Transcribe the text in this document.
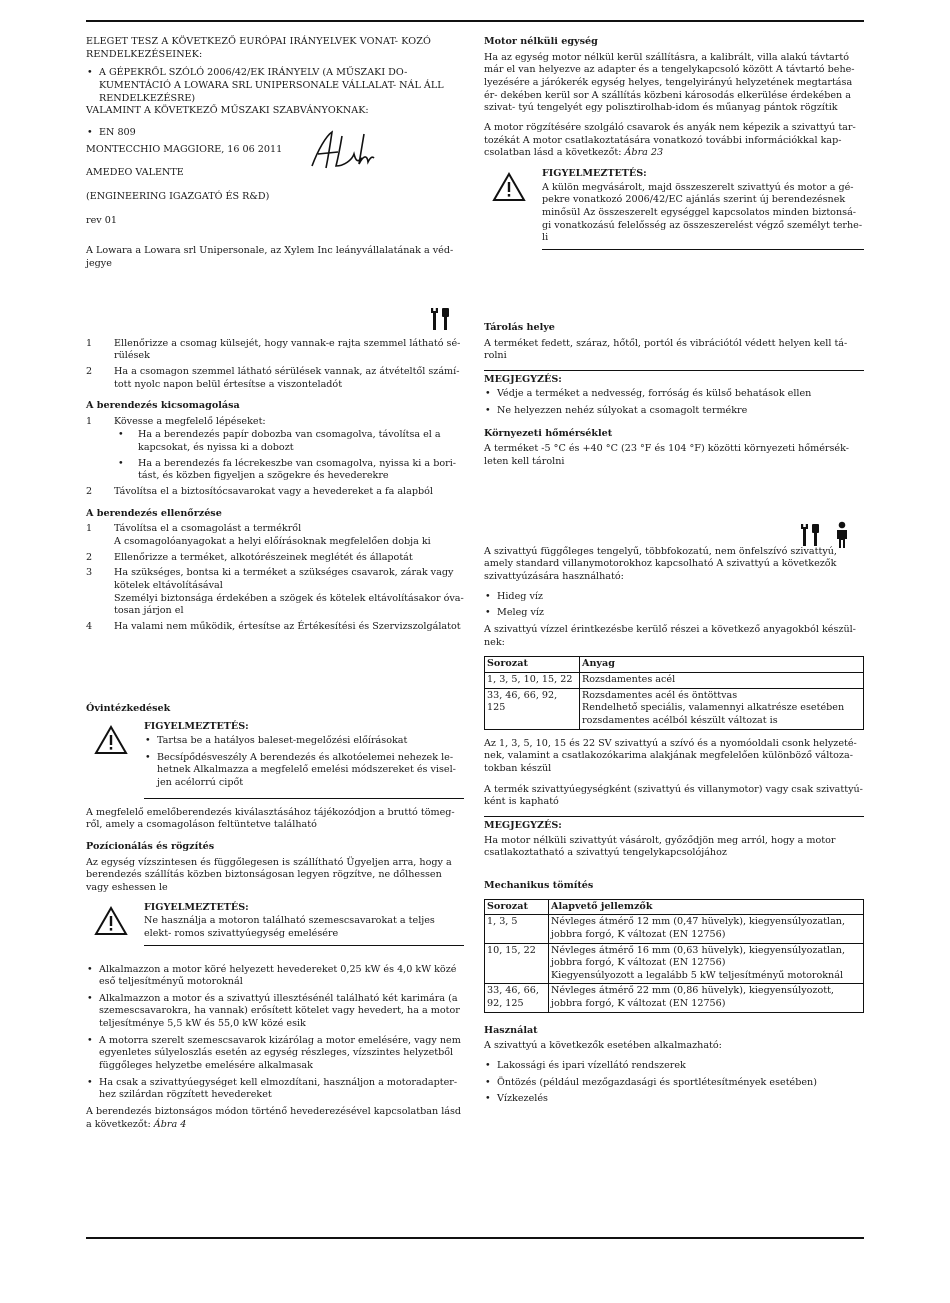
ELEGET TESZ A KÖVETKEZŐ EURÓPAI IRÁNYELVEK VONAT- KOZÓ RENDELKEZÉSEINEK:

• A GÉPEKRŐL SZÓLÓ 2006/42/EK IRÁNYELV (A MŰSZAKI DO- KUMENTÁCIÓ A LOWARA SRL UNIPERSONALE VÁLLALAT- NÁL ÁLL RENDELKEZÉSRE)

VALAMINT A KÖVETKEZŐ MŰSZAKI SZABVÁNYOKNAK:

• EN 809

MONTECCHIO MAGGIORE, 16 06 2011

AMEDEO VALENTE

(ENGINEERING IGAZGATÓ ÉS R&D)

rev 01

A Lowara a Lowara srl Unipersonale, az Xylem Inc leányvállalatának a véd- jegye

1 Ellenőrizze a csomag külsejét, hogy vannak-e rajta szemmel látható sé- rülések
2 Ha a csomagon szemmel látható sérülések vannak, az átvételtől számí- tott nyolc napon belül értesítse a viszonteladót

A berendezés kicsomagolása

1 Kövesse a megfelelő lépéseket:
• Ha a berendezés papír dobozba van csomagolva, távolítsa el a kapcsokat, és nyissa ki a dobozt
• Ha a berendezés fa lécrekeszbe van csomagolva, nyissa ki a bori- tást, és közben figyeljen a szögekre és hevederekre
2 Távolítsa el a biztosítócsavarokat vagy a hevedereket a fa alapból

A berendezés ellenőrzése

1 Távolítsa el a csomagolást a termékről
A csomagolóanyagokat a helyi előírásoknak megfelelően dobja ki
2 Ellenőrizze a terméket, alkotórészeinek meglétét és állapotát
3 Ha szükséges, bontsa ki a terméket a szükséges csavarok, zárak vagy kötelek eltávolításával
Személyi biztonsága érdekében a szögek és kötelek eltávolításakor óva- tosan járjon el
4 Ha valami nem működik, értesítse az Értékesítési és Szervizszolgálatot

Óvintézkedések

FIGYELMEZTETÉS:
• Tartsa be a hatályos baleset-megelőzési előírásokat
• Becsípődésveszély A berendezés és alkotóelemei nehezek le- hetnek Alkalmazza a megfelelő emelési módszereket és visel- jen acélorrú cipőt

A megfelelő emelőberendezés kiválasztásához tájékozódjon a bruttó tömeg- ről, amely a csomagoláson feltüntetve található

Pozícionálás és rögzítés

Az egység vízszintesen és függőlegesen is szállítható Ügyeljen arra, hogy a berendezés szállítás közben biztonságosan legyen rögzítve, ne dőlhessen vagy eshessen le

FIGYELMEZTETÉS:
Ne használja a motoron található szemescsavarokat a teljes elekt- romos szivattyúegység emelésére
• Alkalmazzon a motor köré helyezett hevedereket 0,25 kW és 4,0 kW közé eső teljesítményű motoroknál
• Alkalmazzon a motor és a szivattyú illesztésénél található két karimára (a szemescsavarokra, ha vannak) erősített kötelet vagy hevedert, ha a motor teljesítménye 5,5 kW és 55,0 kW közé esik
• A motorra szerelt szemescsavarok kizárólag a motor emelésére, vagy nem egyenletes súlyeloszlás esetén az egység részleges, vízszintes helyzetből függőleges helyzetbe emelésére alkalmasak
• Ha csak a szivattyúegységet kell elmozdítani, használjon a motoradapter- hez szilárdan rögzített hevedereket

A berendezés biztonságos módon történő hevederezésével kapcsolatban lásd a következőt: Ábra 4

Motor nélküli egység

Ha az egység motor nélkül kerül szállításra, a kalibrált, villa alakú távtartó már el van helyezve az adapter és a tengelykapcsoló között A távtartó behe- lyezésére a járókerék egység helyes, tengelyirányú helyzetének megtartása ér- dekében kerül sor A szállítás közbeni károsodás elkerülése érdekében a szivat- tyú tengelyét egy polisztirolhab-idom és műanyag pántok rögzítik

A motor rögzítésére szolgáló csavarok és anyák nem képezik a szivattyú tar- tozékát A motor csatlakoztatására vonatkozó további információkkal kap- csolatban lásd a következőt: Ábra 23

FIGYELMEZTETÉS:
A külön megvásárolt, majd összeszerelt szivattyú és motor a gé- pekre vonatkozó 2006/42/EC ajánlás szerint új berendezésnek minősül Az összeszerelt egységgel kapcsolatos minden biztonsá- gi vonatkozású felelősség az összeszerelést végző személyt terhe- li

Tárolás helye

A terméket fedett, száraz, hőtől, portól és vibrációtól védett helyen kell tá- rolni

MEGJEGYZÉS:
• Védje a terméket a nedvesség, forróság és külső behatások ellen
• Ne helyezzen nehéz súlyokat a csomagolt termékre

Környezeti hőmérséklet

A terméket -5 °C és +40 °C (23 °F és 104 °F) közötti környezeti hőmérsék- leten kell tárolni

A szivattyú függőleges tengelyű, többfokozatú, nem önfelszívó szivattyú, amely standard villanymotorokhoz kapcsolható A szivattyú a következők szivattyúzására használható:

• Hideg víz
• Meleg víz

A szivattyú vízzel érintkezésbe kerülő részei a következő anyagokból készül- nek:

Sorozat	Anyag
1, 3, 5, 10, 15, 22	Rozsdamentes acél
33, 46, 66, 92, 125	Rozsdamentes acél és öntöttvas
Rendelhető speciális, valamennyi alkatrésze esetében rozsdamentes acélból készült változat is

Az 1, 3, 5, 10, 15 és 22 SV szivattyú a szívó és a nyomóoldali csonk helyzeté- nek, valamint a csatlakozókarima alakjának megfelelően különböző változa- tokban készül

A termék szivattyúegységként (szivattyú és villanymotor) vagy csak szivattyú- ként is kapható

MEGJEGYZÉS:
Ha motor nélküli szivattyút vásárolt, győződjön meg arról, hogy a motor csatlakoztatható a szivattyú tengelykapcsolójához

Mechanikus tömítés

Sorozat	Alapvető jellemzők
1, 3, 5	Névleges átmérő 12 mm (0,47 hüvelyk), kiegyensúlyozatlan, jobbra forgó, K változat (EN 12756)
10, 15, 22	Névleges átmérő 16 mm (0,63 hüvelyk), kiegyensúlyozatlan, jobbra forgó, K változat (EN 12756)
Kiegyensúlyozott a legalább 5 kW teljesítményű motoroknál
33, 46, 66, 92, 125	Névleges átmérő 22 mm (0,86 hüvelyk), kiegyensúlyozott, jobbra forgó, K változat (EN 12756)

Használat

A szivattyú a következők esetében alkalmazható:

• Lakossági és ipari vízellátó rendszerek
• Öntözés (például mezőgazdasági és sportlétesítmények esetében)
• Vízkezelés
